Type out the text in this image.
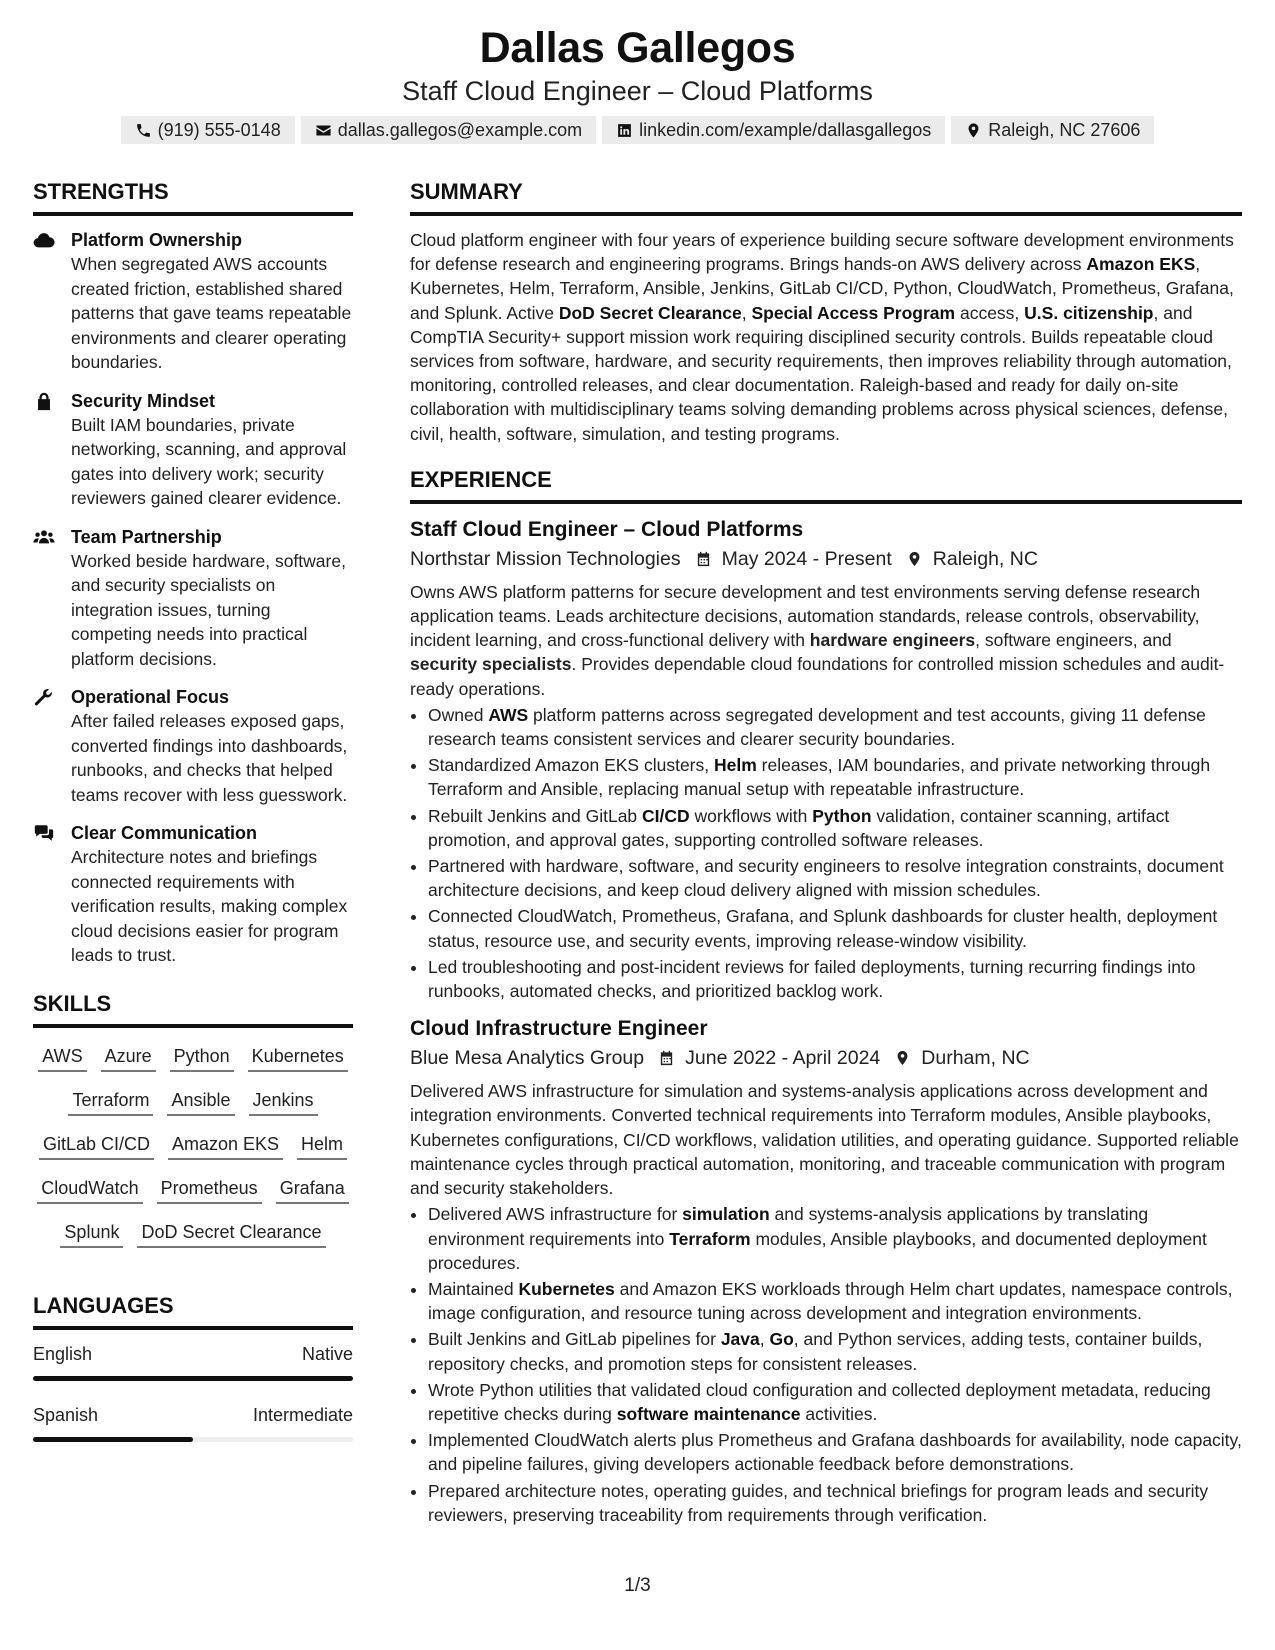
Dallas Gallegos
Staff Cloud Engineer – Cloud Platforms
(919) 555-0148	dallas.gallegos@example.com	linkedin.com/example/dallasgallegos	Raleigh, NC 27606
STRENGTHS
Platform Ownership
When segregated AWS accounts created friction, established shared patterns that gave teams repeatable environments and clearer operating boundaries.
Security Mindset
Built IAM boundaries, private networking, scanning, and approval gates into delivery work; security reviewers gained clearer evidence.
Team Partnership
Worked beside hardware, software, and security specialists on integration issues, turning competing needs into practical platform decisions.
Operational Focus
After failed releases exposed gaps, converted findings into dashboards, runbooks, and checks that helped teams recover with less guesswork.
Clear Communication
Architecture notes and briefings connected requirements with verification results, making complex cloud decisions easier for program leads to trust.
SKILLS
AWS Azure Python Kubernetes
Terraform Ansible Jenkins
GitLab CI/CD Amazon EKS Helm
CloudWatch Prometheus Grafana
Splunk DoD Secret Clearance
LANGUAGES
English	Native
Spanish	Intermediate
SUMMARY
Cloud platform engineer with four years of experience building secure software development environments for defense research and engineering programs. Brings hands-on AWS delivery across Amazon EKS, Kubernetes, Helm, Terraform, Ansible, Jenkins, GitLab CI/CD, Python, CloudWatch, Prometheus, Grafana, and Splunk. Active DoD Secret Clearance, Special Access Program access, U.S. citizenship, and CompTIA Security+ support mission work requiring disciplined security controls. Builds repeatable cloud services from software, hardware, and security requirements, then improves reliability through automation, monitoring, controlled releases, and clear documentation. Raleigh-based and ready for daily on-site collaboration with multidisciplinary teams solving demanding problems across physical sciences, defense, civil, health, software, simulation, and testing programs.
EXPERIENCE
Staff Cloud Engineer – Cloud Platforms
Northstar Mission Technologies May 2024 - Present Raleigh, NC
Owns AWS platform patterns for secure development and test environments serving defense research application teams. Leads architecture decisions, automation standards, release controls, observability, incident learning, and cross-functional delivery with hardware engineers, software engineers, and security specialists. Provides dependable cloud foundations for controlled mission schedules and audit-ready operations.
• Owned AWS platform patterns across segregated development and test accounts, giving 11 defense research teams consistent services and clearer security boundaries.
• Standardized Amazon EKS clusters, Helm releases, IAM boundaries, and private networking through Terraform and Ansible, replacing manual setup with repeatable infrastructure.
• Rebuilt Jenkins and GitLab CI/CD workflows with Python validation, container scanning, artifact promotion, and approval gates, supporting controlled software releases.
• Partnered with hardware, software, and security engineers to resolve integration constraints, document architecture decisions, and keep cloud delivery aligned with mission schedules.
• Connected CloudWatch, Prometheus, Grafana, and Splunk dashboards for cluster health, deployment status, resource use, and security events, improving release-window visibility.
• Led troubleshooting and post-incident reviews for failed deployments, turning recurring findings into runbooks, automated checks, and prioritized backlog work.
Cloud Infrastructure Engineer
Blue Mesa Analytics Group June 2022 - April 2024 Durham, NC
Delivered AWS infrastructure for simulation and systems-analysis applications across development and integration environments. Converted technical requirements into Terraform modules, Ansible playbooks, Kubernetes configurations, CI/CD workflows, validation utilities, and operating guidance. Supported reliable maintenance cycles through practical automation, monitoring, and traceable communication with program and security stakeholders.
• Delivered AWS infrastructure for simulation and systems-analysis applications by translating environment requirements into Terraform modules, Ansible playbooks, and documented deployment procedures.
• Maintained Kubernetes and Amazon EKS workloads through Helm chart updates, namespace controls, image configuration, and resource tuning across development and integration environments.
• Built Jenkins and GitLab pipelines for Java, Go, and Python services, adding tests, container builds, repository checks, and promotion steps for consistent releases.
• Wrote Python utilities that validated cloud configuration and collected deployment metadata, reducing repetitive checks during software maintenance activities.
• Implemented CloudWatch alerts plus Prometheus and Grafana dashboards for availability, node capacity, and pipeline failures, giving developers actionable feedback before demonstrations.
• Prepared architecture notes, operating guides, and technical briefings for program leads and security reviewers, preserving traceability from requirements through verification.
1/3
